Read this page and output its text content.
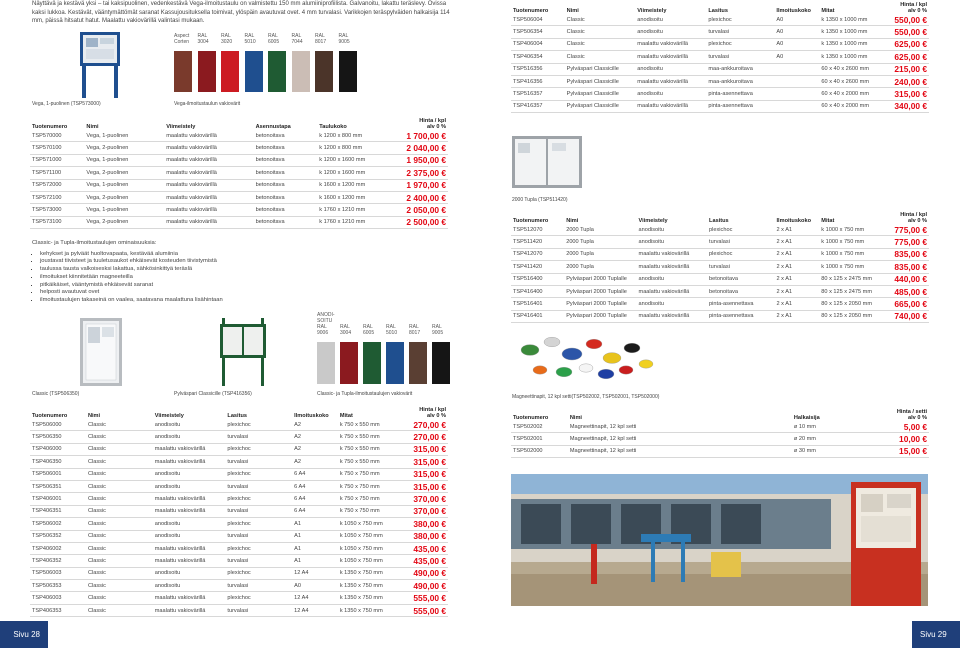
Näyttävä ja kestävä yksi – tai kaksipuolinen, vedenkestävä Vega-ilmoitustaulu on valmistettu 150 mm alumiiniprofiilista. Galvanoitu, lakattu teräslevy. Ovissa kaksi lukkoa. Kestävät, vääntymättömät saranat Kassujousituksella toimivat, ylöspäin avautuvat ovet. 4 mm turvalasi. Varikkojen teräspylväiden halkaisija 114 mm, päissä hitsatut hatut. Maalattu vakiovärillä valintasi mukaan.
Vega, 1-puolinen (TSP573000)
Aspect
Corten
RAL
3004
RAL
3020
RAL
5010
RAL
6005
RAL
7044
RAL
8017
RAL
9005
Vega-ilmoitustaulun vakiovärit
Tuotenumero	Nimi	Viimeistely	Asennustapa	Taulukoko	Hinta / kpl
alv 0 %
TSP570000	Vega, 1-puolinen	maalattu vakiovärillä	betonoitava	k 1200 x 800 mm	1 700,00 €
TSP570100	Vega, 2-puolinen	maalattu vakiovärillä	betonoitava	k 1200 x 800 mm	2 040,00 €
TSP571000	Vega, 1-puolinen	maalattu vakiovärillä	betonoitava	k 1200 x 1600 mm	1 950,00 €
TSP571100	Vega, 2-puolinen	maalattu vakiovärillä	betonoitava	k 1200 x 1600 mm	2 375,00 €
TSP572000	Vega, 1-puolinen	maalattu vakiovärillä	betonoitava	k 1600 x 1200 mm	1 970,00 €
TSP572100	Vega, 2-puolinen	maalattu vakiovärillä	betonoitava	k 1600 x 1200 mm	2 400,00 €
TSP573000	Vega, 1-puolinen	maalattu vakiovärillä	betonoitava	k 1760 x 1210 mm	2 050,00 €
TSP573100	Vega, 2-puolinen	maalattu vakiovärillä	betonoitava	k 1760 x 1210 mm	2 500,00 €
Classic- ja Tupla-ilmoitustaulujen ominaisuuksia:
▪ kehykset ja pylväät huoltovapaata, kestävää alumiinia
▪ joustavat tiivisteet ja tuuletusaukot ehkäisevät kosteuden tiivistymistä
▪ taulussa tausta valkoisesksi lakattua, sähkösinkittyä teräslä
▪ ilmoitukset kiinnitetään magneeteilla
▪ pitkäikäiset, vääntymistä ehkäisevät saranat
▪ helposti avautuvat ovet
▪ ilmoitustaulujen takaseinä on vaalea, saatavana maalattuna lisähintaan
Classic (TSP506350)	Pylväspari Classicille (TSP416356)
ANODI-
SOITU
RAL
9006
RAL
3004
RAL
6005
RAL
5010
RAL
8017
RAL
9005
Classic- ja Tupla-ilmoitustaulujen vakiovärit
Tuotenumero	Nimi	Viimeistely	Lasitus	Ilmoituskoko	Mitat	Hinta / kpl
alv 0 %
TSP506000	Classic	anodisoitu	plexichoc	A2	k 750 x 550 mm	270,00 €
TSP506350	Classic	anodisoitu	turvalasi	A2	k 750 x 550 mm	270,00 €
TSP406000	Classic	maalattu vakiovärillä	plexichoc	A2	k 750 x 550 mm	315,00 €
TSP406350	Classic	maalattu vakiovärillä	turvalasi	A2	k 750 x 550 mm	315,00 €
TSP506001	Classic	anodisoitu	plexichoc	6 A4	k 750 x 750 mm	315,00 €
TSP506351	Classic	anodisoitu	turvalasi	6 A4	k 750 x 750 mm	315,00 €
TSP406001	Classic	maalattu vakiovärillä	plexichoc	6 A4	k 750 x 750 mm	370,00 €
TSP406351	Classic	maalattu vakiovärillä	turvalasi	6 A4	k 750 x 750 mm	370,00 €
TSP506002	Classic	anodisoitu	plexichoc	A1	k 1050 x 750 mm	380,00 €
TSP506352	Classic	anodisoitu	turvalasi	A1	k 1050 x 750 mm	380,00 €
TSP406002	Classic	maalattu vakiovärillä	plexichoc	A1	k 1050 x 750 mm	435,00 €
TSP406352	Classic	maalattu vakiovärillä	turvalasi	A1	k 1050 x 750 mm	435,00 €
TSP506003	Classic	anodisoitu	plexichoc	12 A4	k 1350 x 750 mm	490,00 €
TSP506353	Classic	anodisoitu	turvalasi	A0	k 1350 x 750 mm	490,00 €
TSP406003	Classic	maalattu vakiovärillä	plexichoc	12 A4	k 1350 x 750 mm	555,00 €
TSP406353	Classic	maalattu vakiovärillä	turvalasi	12 A4	k 1350 x 750 mm	555,00 €
Tuotenumero	Nimi	Viimeistely	Lasitus	Ilmoituskoko	Mitat	Hinta / kpl
alv 0 %
TSP506004	Classic	anodisoitu	plexichoc	A0	k 1350 x 1000 mm	550,00 €
TSP506354	Classic	anodisoitu	turvalasi	A0	k 1350 x 1000 mm	550,00 €
TSP406004	Classic	maalattu vakiovärillä	plexichoc	A0	k 1350 x 1000 mm	625,00 €
TSP406354	Classic	maalattu vakiovärillä	turvalasi	A0	k 1350 x 1000 mm	625,00 €
TSP516356	Pylväspari Classicille	anodisoitu	maa-ankkuroitava		60 x 40 x 2600 mm	215,00 €
TSP416356	Pylväspari Classicille	maalattu vakiovärillä	maa-ankkuroitava		60 x 40 x 2600 mm	240,00 €
TSP516357	Pylväspari Classicille	anodisoitu	pinta-asennettava		60 x 40 x 2000 mm	315,00 €
TSP416357	Pylväspari Classicille	maalattu vakiovärillä	pinta-asennettava		60 x 40 x 2000 mm	340,00 €
2000 Tupla (TSP511420)
Tuotenumero	Nimi	Viimeistely	Lasitus	Ilmoituskoko	Mitat	Hinta / kpl
alv 0 %
TSP512070	2000 Tupla	anodisoitu	plexichoc	2 x A1	k 1000 x 750 mm	775,00 €
TSP511420	2000 Tupla	anodisoitu	turvalasi	2 x A1	k 1000 x 750 mm	775,00 €
TSP412070	2000 Tupla	maalattu vakiovärillä	plexichoc	2 x A1	k 1000 x 750 mm	835,00 €
TSP411420	2000 Tupla	maalattu vakiovärillä	turvalasi	2 x A1	k 1000 x 750 mm	835,00 €
TSP516400	Pylväspari 2000 Tuplalle	anodisoitu	betonoitava	2 x A1	80 x 125 x 2475 mm	440,00 €
TSP416400	Pylväspari 2000 Tuplalle	maalattu vakiovärillä	betonoitava	2 x A1	80 x 125 x 2475 mm	485,00 €
TSP516401	Pylväspari 2000 Tuplalle	anodisoitu	pinta-asennettava	2 x A1	80 x 125 x 2050 mm	665,00 €
TSP416401	Pylväspari 2000 Tuplalle	maalattu vakiovärillä	pinta-asennettava	2 x A1	80 x 125 x 2050 mm	740,00 €
Magneettinapit, 12 kpl setti(TSP502002, TSP502001, TSP502000)
Tuotenumero	Nimi	Halkaisija	Hinta / setti
alv 0 %
TSP502002	Magneettinapit, 12 kpl setti	ø 10 mm	5,00 €
TSP502001	Magneettinapit, 12 kpl setti	ø 20 mm	10,00 €
TSP502000	Magneettinapit, 12 kpl setti	ø 30 mm	15,00 €
Sivu 28	Sivu 29
